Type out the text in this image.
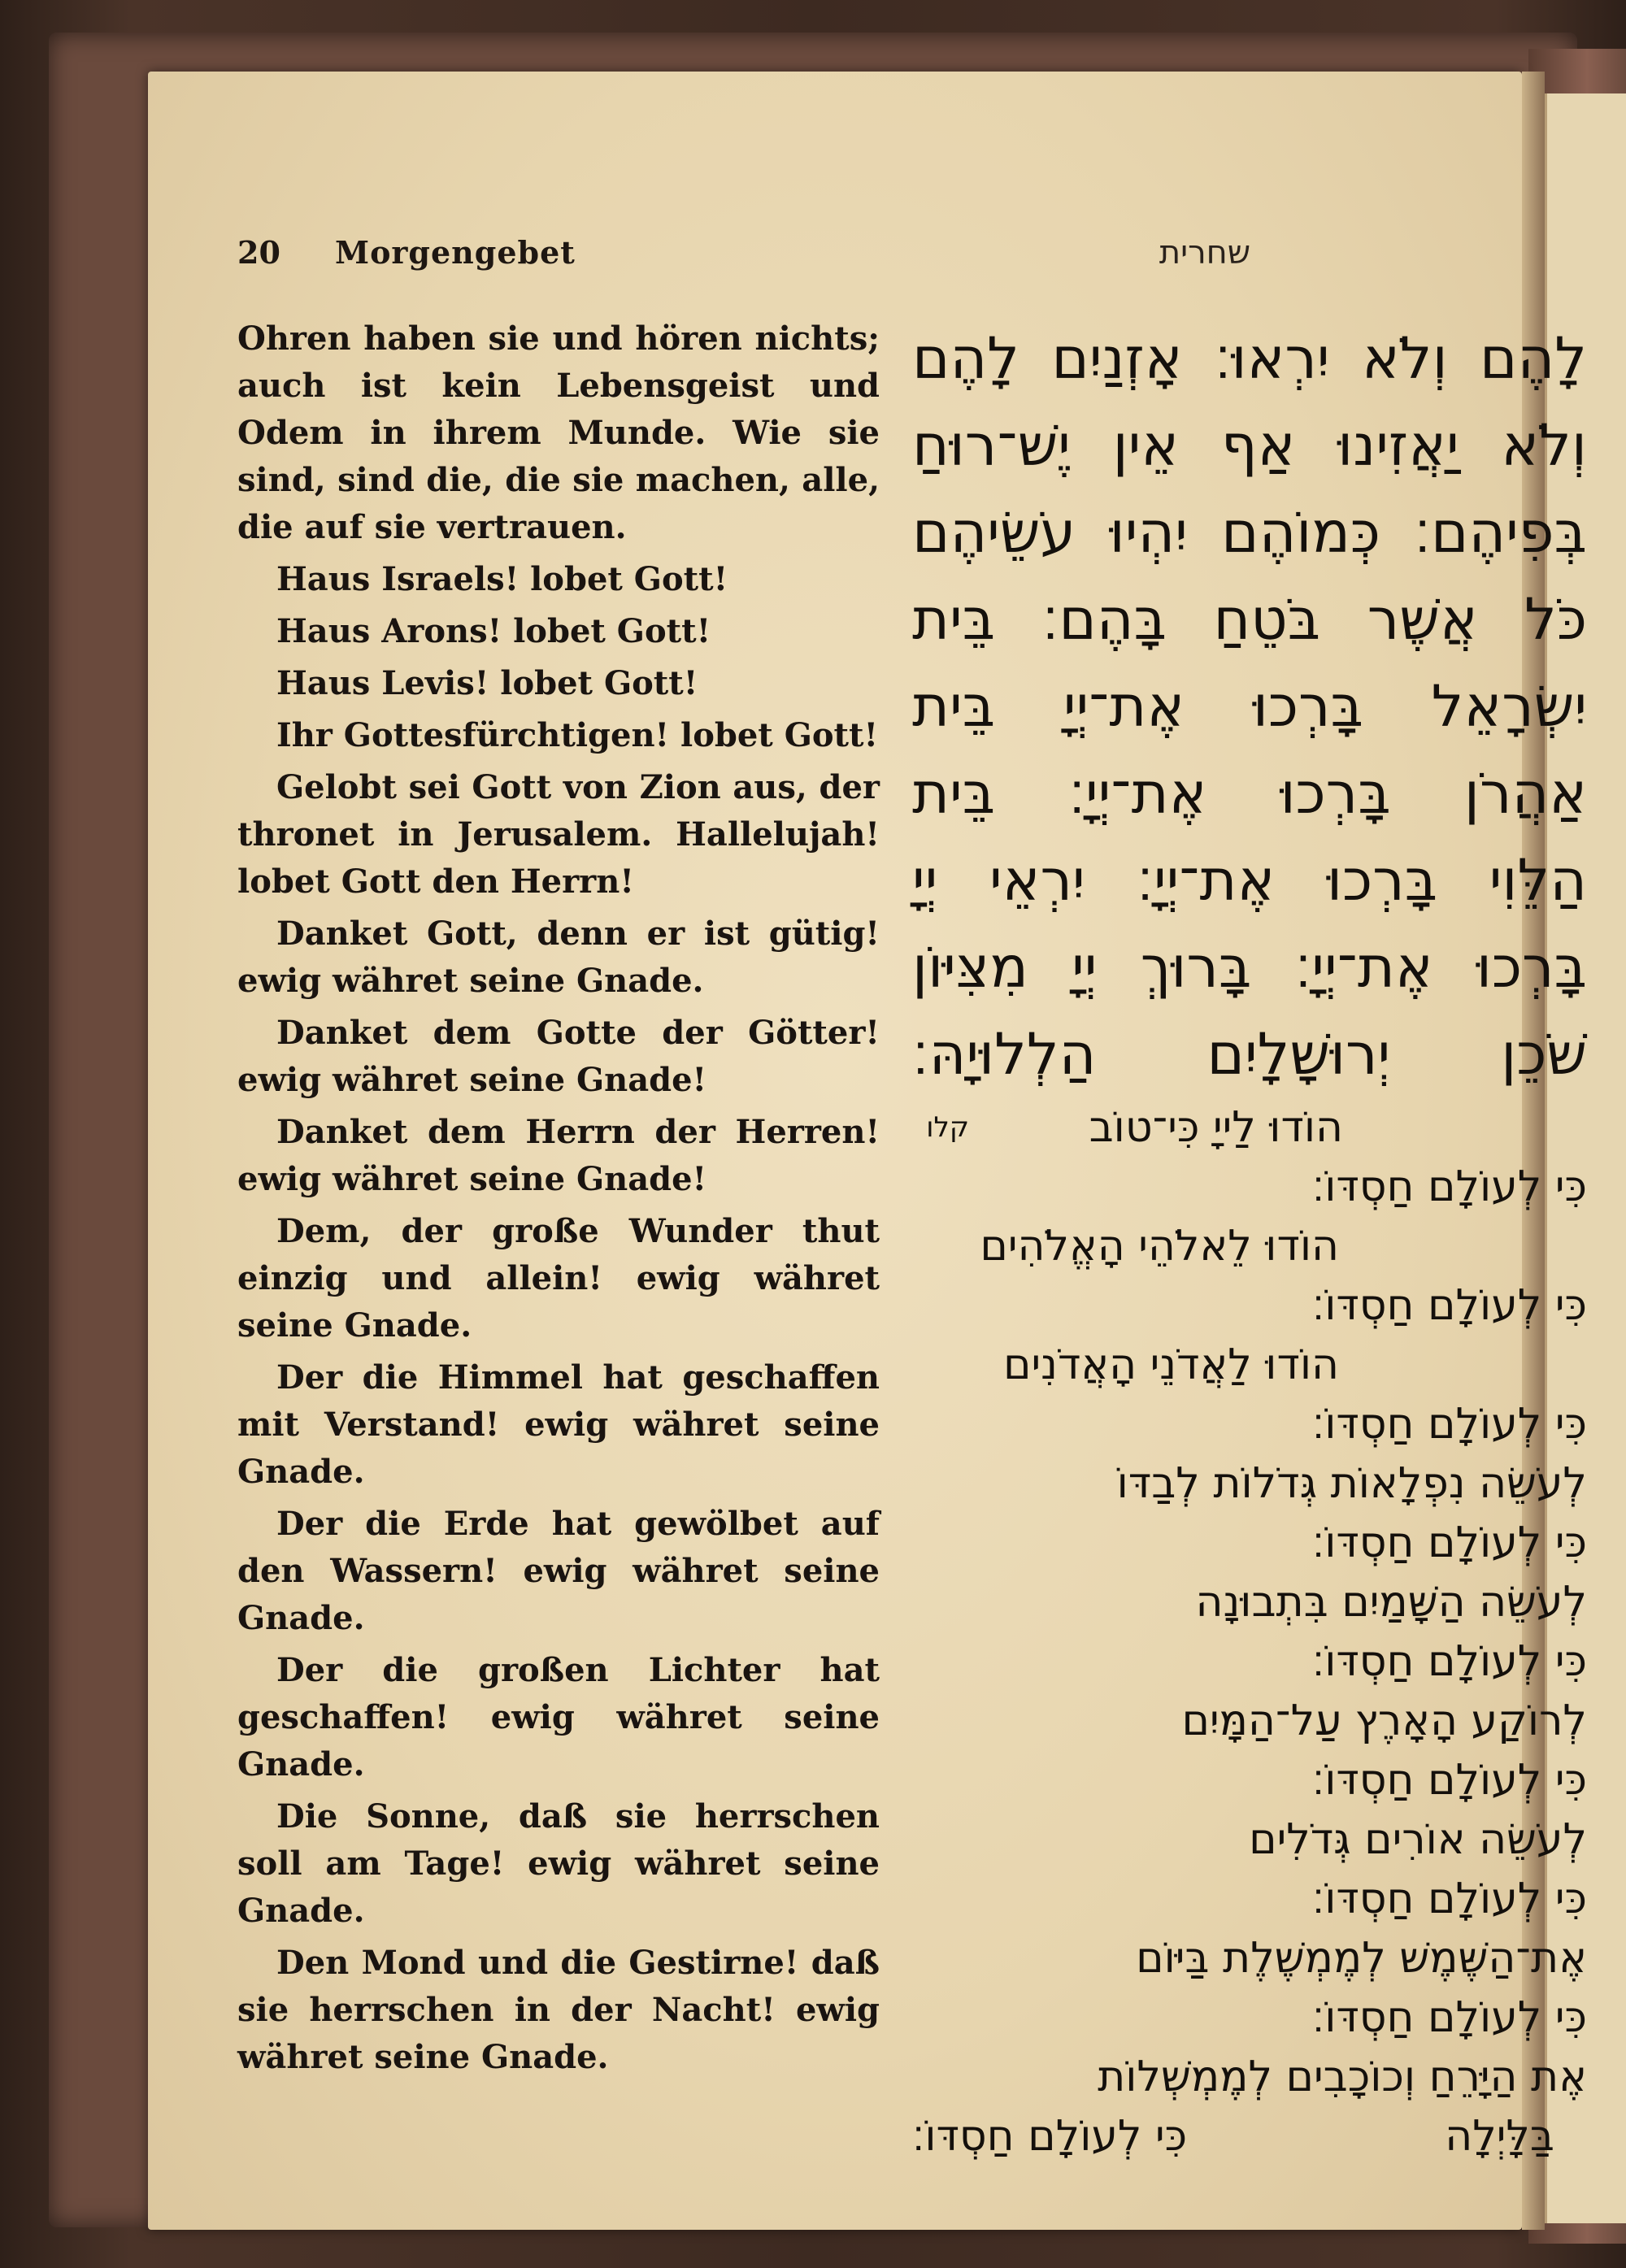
20 Morgengebet	שחרית

Ohren haben sie und hören nichts; auch ist kein Lebensgeist und Odem in ihrem Munde. Wie sie sind, sind die, die sie machen, alle, die auf sie vertrauen.

Haus Israels! lobet Gott!

Haus Arons! lobet Gott!

Haus Levis! lobet Gott!

Ihr Gottesfürchtigen! lobet Gott!

Gelobt sei Gott von Zion aus, der thronet in Jerusalem. Hallelujah! lobet Gott den Herrn!

Danket Gott, denn er ist gütig! ewig währet seine Gnade.

Danket dem Gotte der Götter! ewig währet seine Gnade!

Danket dem Herrn der Herren! ewig währet seine Gnade!

Dem, der große Wunder thut einzig und allein! ewig währet seine Gnade.

Der die Himmel hat geschaffen mit Verstand! ewig währet seine Gnade.

Der die Erde hat gewölbet auf den Wassern! ewig währet seine Gnade.

Der die großen Lichter hat geschaffen! ewig währet seine Gnade.

Die Sonne, daß sie herrschen soll am Tage! ewig währet seine Gnade.

Den Mond und die Gestirne! daß sie herrschen in der Nacht! ewig währet seine Gnade.

לָהֶם וְלֹא יִרְאוּ׃ אָזְנַיִם לָהֶם
וְלֹא יַאֲזִינוּ אַף אֵין יֶשׁ־רוּחַ
בְּפִיהֶם׃ כְּמוֹהֶם יִהְיוּ עֹשֵׂיהֶם
כֹּל אֲשֶׁר בֹּטֵחַ בָּהֶם׃ בֵּית
יִשְׂרָאֵל בָּרְכוּ אֶת־יְיָ בֵּית
אַהֲרֹן בָּרְכוּ אֶת־יְיָ׃ בֵּית
הַלֵּוִי בָּרְכוּ אֶת־יְיָ׃ יִרְאֵי יְיָ
בָּרְכוּ אֶת־יְיָ׃ בָּרוּךְ יְיָ מִצִּיּוֹן
שֹׁכֵן יְרוּשָׁלָיִם הַלְלוּיָהּ׃
קלו	הוֹדוּ לַייָ כִּי־טוֹב
כִּי לְעוֹלָם חַסְדּוֹ׃
הוֹדוּ לֵאלֹהֵי הָאֱלֹהִים
כִּי לְעוֹלָם חַסְדּוֹ׃
הוֹדוּ לַאֲדֹנֵי הָאֲדֹנִים
כִּי לְעוֹלָם חַסְדּוֹ׃
לְעֹשֵׂה נִפְלָאוֹת גְּדֹלוֹת לְבַדּוֹ
כִּי לְעוֹלָם חַסְדּוֹ׃
לְעֹשֵׂה הַשָּׁמַיִם בִּתְבוּנָה
כִּי לְעוֹלָם חַסְדּוֹ׃
לְרוֹקַע הָאָרֶץ עַל־הַמָּיִם
כִּי לְעוֹלָם חַסְדּוֹ׃
לְעֹשֵׂה אוֹרִים גְּדֹלִים
כִּי לְעוֹלָם חַסְדּוֹ׃
אֶת־הַשֶּׁמֶשׁ לְמֶמְשֶׁלֶת בַּיּוֹם
כִּי לְעוֹלָם חַסְדּוֹ׃
אֶת הַיָּרֵחַ וְכוֹכָבִים לְמֶמְשְׁלוֹת
בַּלָּיְלָה
כִּי לְעוֹלָם חַסְדּוֹ׃
